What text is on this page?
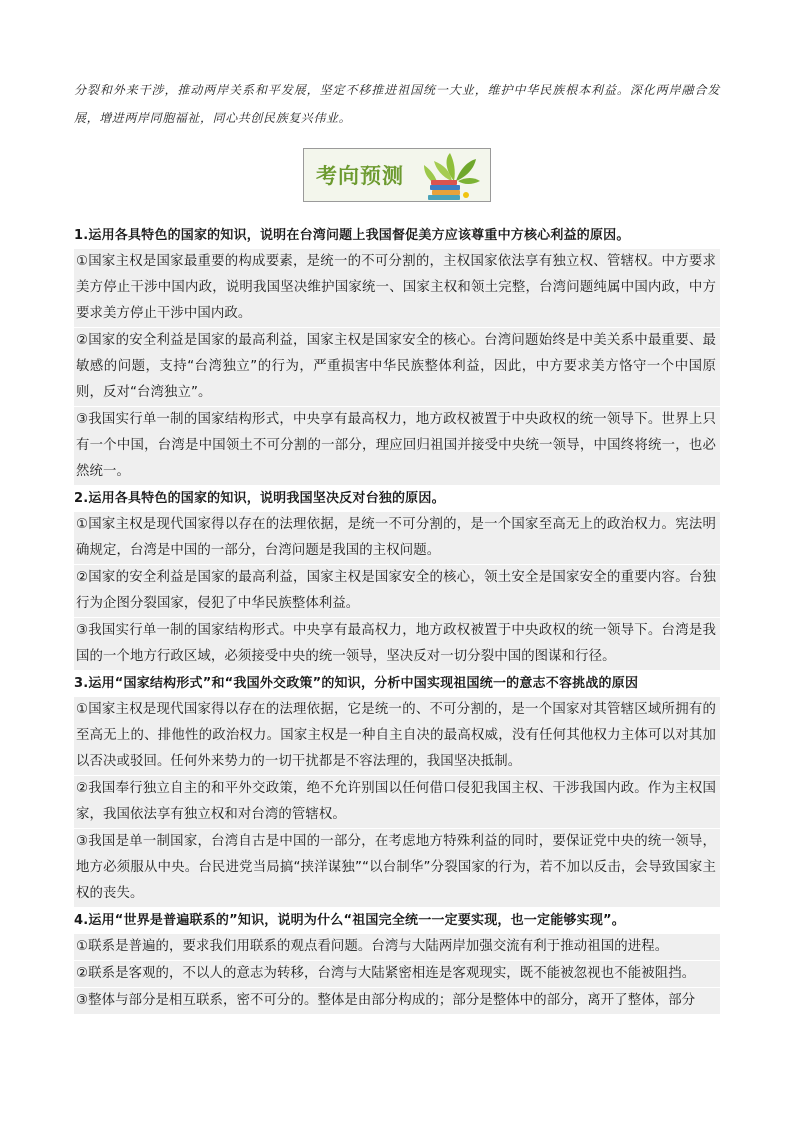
分裂和外来干涉，推动两岸关系和平发展，坚定不移推进祖国统一大业，维护中华民族根本利益。深化两岸融合发展，增进两岸同胞福祉，同心共创民族复兴伟业。

考向预测
1.运用各具特色的国家的知识，说明在台湾问题上我国督促美方应该尊重中方核心利益的原因。
①国家主权是国家最重要的构成要素，是统一的不可分割的，主权国家依法享有独立权、管辖权。中方要求美方停止干涉中国内政，说明我国坚决维护国家统一、国家主权和领土完整，台湾问题纯属中国内政，中方要求美方停止干涉中国内政。
②国家的安全利益是国家的最高利益，国家主权是国家安全的核心。台湾问题始终是中美关系中最重要、最敏感的问题，支持“台湾独立”的行为，严重损害中华民族整体利益，因此，中方要求美方恪守一个中国原则，反对“台湾独立”。
③我国实行单一制的国家结构形式，中央享有最高权力，地方政权被置于中央政权的统一领导下。世界上只有一个中国，台湾是中国领土不可分割的一部分，理应回归祖国并接受中央统一领导，中国终将统一，也必然统一。
2.运用各具特色的国家的知识，说明我国坚决反对台独的原因。
①国家主权是现代国家得以存在的法理依据，是统一不可分割的，是一个国家至高无上的政治权力。宪法明确规定，台湾是中国的一部分，台湾问题是我国的主权问题。
②国家的安全利益是国家的最高利益，国家主权是国家安全的核心，领土安全是国家安全的重要内容。台独行为企图分裂国家，侵犯了中华民族整体利益。
③我国实行单一制的国家结构形式。中央享有最高权力，地方政权被置于中央政权的统一领导下。台湾是我国的一个地方行政区域，必须接受中央的统一领导，坚决反对一切分裂中国的图谋和行径。
3.运用“国家结构形式”和“我国外交政策”的知识，分析中国实现祖国统一的意志不容挑战的原因
①国家主权是现代国家得以存在的法理依据，它是统一的、不可分割的，是一个国家对其管辖区域所拥有的至高无上的、排他性的政治权力。国家主权是一种自主自决的最高权威，没有任何其他权力主体可以对其加以否决或驳回。任何外来势力的一切干扰都是不容法理的，我国坚决抵制。
②我国奉行独立自主的和平外交政策，绝不允许别国以任何借口侵犯我国主权、干涉我国内政。作为主权国家，我国依法享有独立权和对台湾的管辖权。
③我国是单一制国家，台湾自古是中国的一部分，在考虑地方特殊利益的同时，要保证党中央的统一领导，地方必须服从中央。台民进党当局搞“挟洋谋独”“以台制华”分裂国家的行为，若不加以反击，会导致国家主权的丧失。
4.运用“世界是普遍联系的”知识，说明为什么“祖国完全统一一定要实现，也一定能够实现”。
①联系是普遍的，要求我们用联系的观点看问题。台湾与大陆两岸加强交流有利于推动祖国的进程。
②联系是客观的，不以人的意志为转移，台湾与大陆紧密相连是客观现实，既不能被忽视也不能被阻挡。
③整体与部分是相互联系，密不可分的。整体是由部分构成的；部分是整体中的部分，离开了整体，部分
